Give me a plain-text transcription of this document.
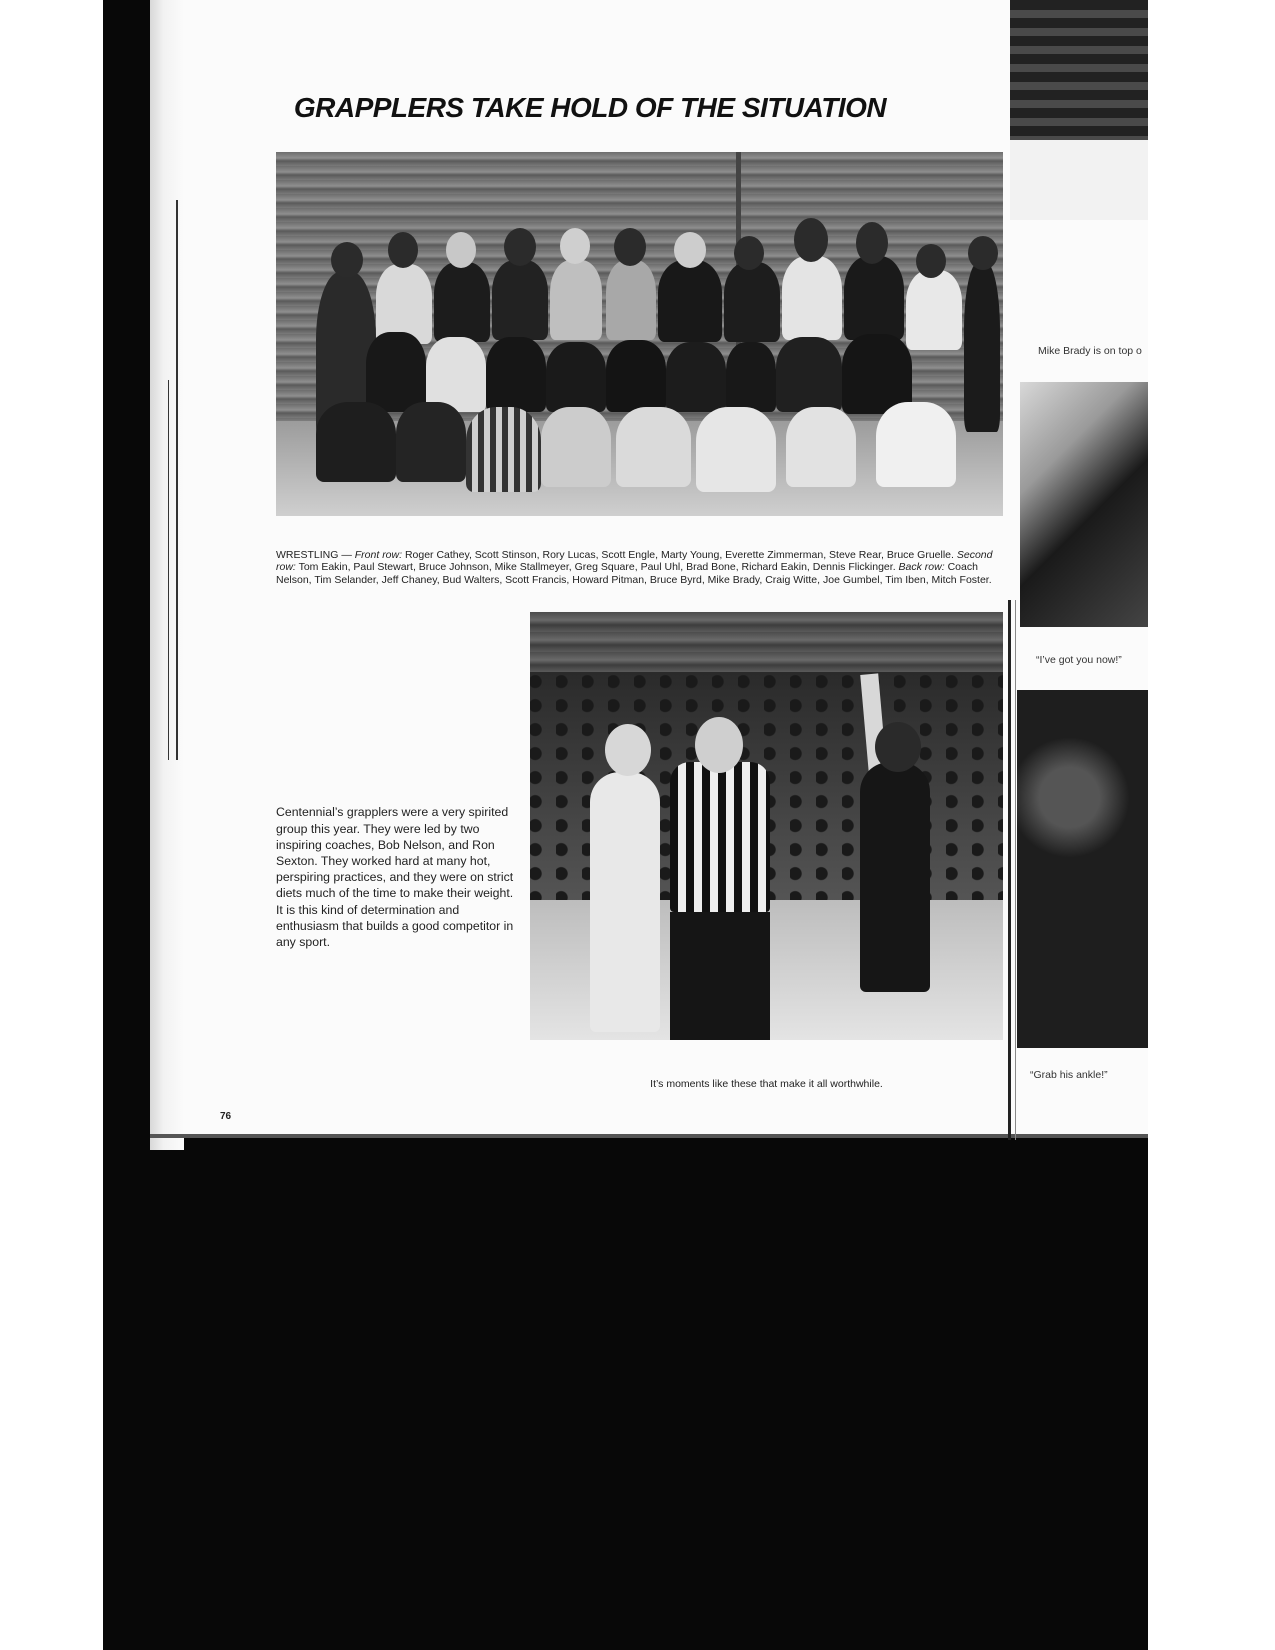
GRAPPLERS TAKE HOLD OF THE SITUATION

WRESTLING — Front row: Roger Cathey, Scott Stinson, Rory Lucas, Scott Engle, Marty Young, Everette Zimmerman, Steve Rear, Bruce Gruelle. Second row: Tom Eakin, Paul Stewart, Bruce Johnson, Mike Stallmeyer, Greg Square, Paul Uhl, Brad Bone, Richard Eakin, Dennis Flickinger. Back row: Coach Nelson, Tim Selander, Jeff Chaney, Bud Walters, Scott Francis, Howard Pitman, Bruce Byrd, Mike Brady, Craig Witte, Joe Gumbel, Tim Iben, Mitch Foster.

Centennial’s grapplers were a very spirited group this year. They were led by two inspiring coaches, Bob Nelson, and Ron Sexton. They worked hard at many hot, perspiring practices, and they were on strict diets much of the time to make their weight. It is this kind of determination and enthusiasm that builds a good competitor in any sport.

It’s moments like these that make it all worthwhile.

Mike Brady is on top o

“I’ve got you now!”

“Grab his ankle!”

76
